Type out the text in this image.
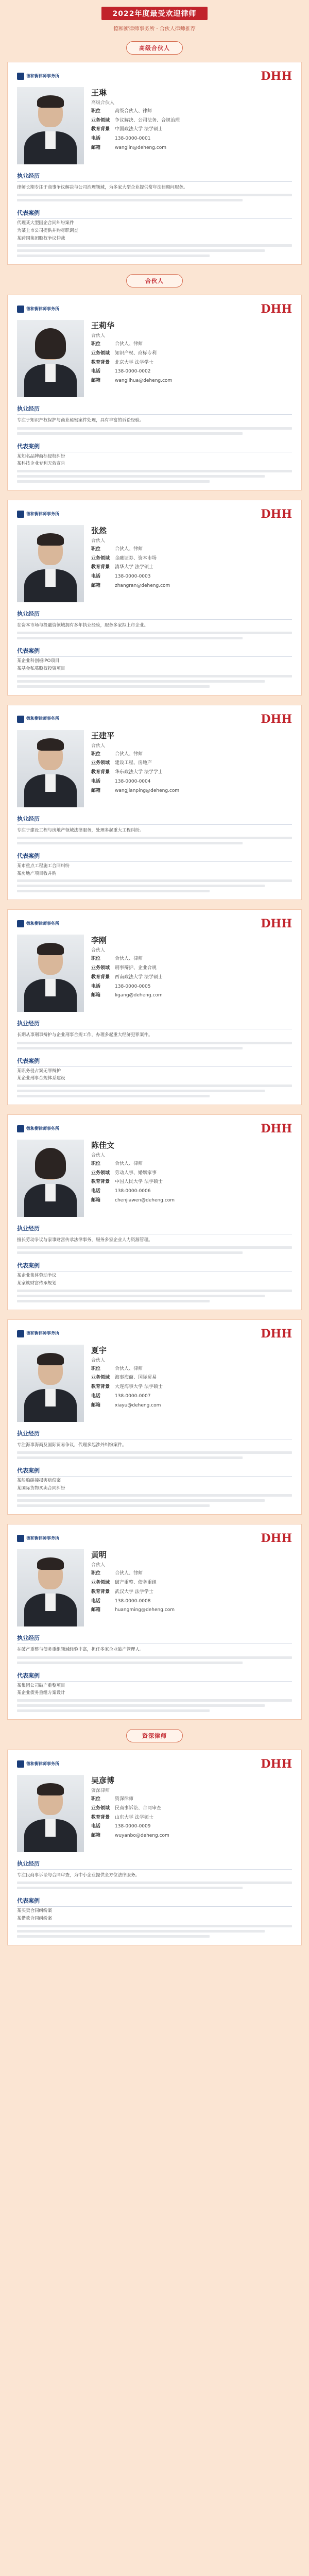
2022年度最受欢迎律师
德和衡律师事务所 · 合伙人律师推荐
高级合伙人
德和衡律师事务所	DHH
王琳
高级合伙人
职位	高级合伙人、律师
业务领域	争议解决、公司法务、合规治理
教育背景	中国政法大学 法学硕士
电话	138-0000-0001
邮箱	wanglin@deheng.com
执业经历
律师长期专注于商事争议解决与公司治理领域，为多家大型企业提供常年法律顾问服务。
代表案例
代理某大型国企合同纠纷案件
为某上市公司提供并购尽职调查
某跨国集团股权争议仲裁
合伙人
德和衡律师事务所	DHH
王莉华
合伙人
职位	合伙人、律师
业务领域	知识产权、商标专利
教育背景	北京大学 法学学士
电话	138-0000-0002
邮箱	wanglihua@deheng.com
执业经历
专注于知识产权保护与商业秘密案件处理，具有丰富的诉讼经验。
代表案例
某知名品牌商标侵权纠纷
某科技企业专利无效宣告
德和衡律师事务所	DHH
张然
合伙人
职位	合伙人、律师
业务领域	金融证券、资本市场
教育背景	清华大学 法学硕士
电话	138-0000-0003
邮箱	zhangran@deheng.com
执业经历
在资本市场与投融资领域拥有多年执业经验，服务多家拟上市企业。
代表案例
某企业科创板IPO项目
某基金私募股权投资项目
德和衡律师事务所	DHH
王建平
合伙人
职位	合伙人、律师
业务领域	建设工程、房地产
教育背景	华东政法大学 法学学士
电话	138-0000-0004
邮箱	wangjianping@deheng.com
执业经历
专注于建设工程与房地产领域法律服务，处理多起重大工程纠纷。
代表案例
某市重点工程施工合同纠纷
某房地产项目收并购
德和衡律师事务所	DHH
李刚
合伙人
职位	合伙人、律师
业务领域	刑事辩护、企业合规
教育背景	西南政法大学 法学硕士
电话	138-0000-0005
邮箱	ligang@deheng.com
执业经历
长期从事刑事辩护与企业刑事合规工作，办理多起重大经济犯罪案件。
代表案例
某职务侵占案无罪辩护
某企业刑事合规体系建设
德和衡律师事务所	DHH
陈佳文
合伙人
职位	合伙人、律师
业务领域	劳动人事、婚姻家事
教育背景	中国人民大学 法学硕士
电话	138-0000-0006
邮箱	chenjiawen@deheng.com
执业经历
擅长劳动争议与家事财富传承法律事务，服务多家企业人力资源管理。
代表案例
某企业集体劳动争议
某家族财富传承规划
德和衡律师事务所	DHH
夏宇
合伙人
职位	合伙人、律师
业务领域	海事海商、国际贸易
教育背景	大连海事大学 法学硕士
电话	138-0000-0007
邮箱	xiayu@deheng.com
执业经历
专注海事海商及国际贸易争议，代理多起涉外纠纷案件。
代表案例
某船舶碰撞损害赔偿案
某国际货物买卖合同纠纷
德和衡律师事务所	DHH
黄明
合伙人
职位	合伙人、律师
业务领域	破产重整、债务重组
教育背景	武汉大学 法学学士
电话	138-0000-0008
邮箱	huangming@deheng.com
执业经历
在破产重整与债务重组领域经验丰富，担任多家企业破产管理人。
代表案例
某集团公司破产重整项目
某企业债务重组方案设计
资深律师
德和衡律师事务所	DHH
吴彦博
资深律师
职位	资深律师
业务领域	民商事诉讼、合同审查
教育背景	山东大学 法学硕士
电话	138-0000-0009
邮箱	wuyanbo@deheng.com
执业经历
专注民商事诉讼与合同审查，为中小企业提供全方位法律服务。
代表案例
某买卖合同纠纷案
某借款合同纠纷案
